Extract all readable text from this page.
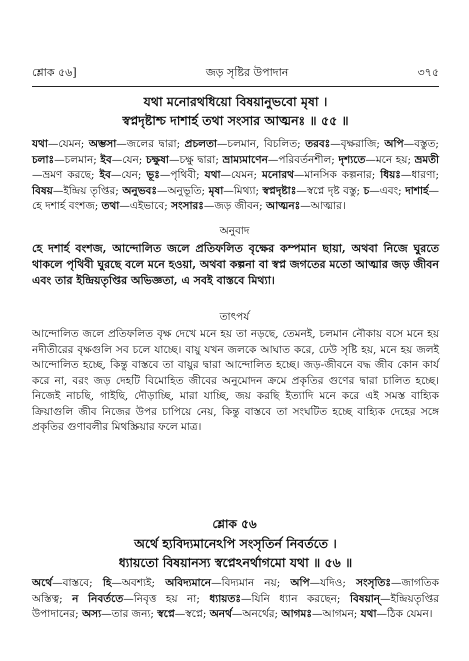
শ্লোক ৫৬]	জড় সৃষ্টির উপাদান	৩৭৫
যথা মনোরথধিয়ো বিষয়ানুভবো মৃষা ।
স্বপ্নদৃষ্টাশ্চ দাশার্হ তথা সংসার আত্মনঃ ॥ ৫৫ ॥
যথা—যেমন; অম্ভসা—জলের দ্বারা; প্রচলতা—চলমান, বিচলিত; তরবঃ—বৃক্ষরাজি; অপি—বস্তুত; চলাঃ—চলমান; ইব—যেন; চক্ষুষা—চক্ষু দ্বারা; ভ্রাম্যমাণেন—পরিবর্তনশীল; দৃশ্যতে—মনে হয়; ভ্রমতী—ভ্রমণ করছে; ইব—যেন; ভূঃ—পৃথিবী; যথা—যেমন; মনোরথ—মানসিক কল্পনার; ধিয়ঃ—ধারণা; বিষয়—ইন্দ্রিয় তৃপ্তির; অনুভবঃ—অনুভূতি; মৃষা—মিথ্যা; স্বপ্নদৃষ্টাঃ—স্বপ্নে দৃষ্ট বস্তু; চ—এবং; দাশার্হ—হে দশার্হ বংশজ; তথা—এইভাবে; সংসারঃ—জড় জীবন; আত্মনঃ—আত্মার।
অনুবাদ
হে দশার্হ বংশজ, আন্দোলিত জলে প্রতিফলিত বৃক্ষের কম্পমান ছায়া, অথবা নিজে ঘুরতে থাকলে পৃথিবী ঘুরছে বলে মনে হওয়া, অথবা কল্পনা বা স্বপ্ন জগতের মতো আত্মার জড় জীবন এবং তার ইন্দ্রিয়তৃপ্তির অভিজ্ঞতা, এ সবই বাস্তবে মিথ্যা।
তাৎপর্য

আন্দোলিত জলে প্রতিফলিত বৃক্ষ দেখে মনে হয় তা নড়ছে, তেমনই, চলমান নৌকায় বসে মনে হয় নদীতীরের বৃক্ষগুলি সব চলে যাচ্ছে। বায়ু যখন জলকে আঘাত করে, ঢেউ সৃষ্টি হয়, মনে হয় জলই আন্দোলিত হচ্ছে, কিন্তু বাস্তবে তা বায়ুর দ্বারা আন্দোলিত হচ্ছে। জড়-জীবনে বদ্ধ জীব কোন কার্য করে না, বরং জড় দেহটি বিমোহিত জীবের অনুমোদন ক্রমে প্রকৃতির গুণের দ্বারা চালিত হচ্ছে। নিজেই নাচছি, গাইছি, দৌড়াচ্ছি, মারা যাচ্ছি, জয় করছি ইত্যাদি মনে করে এই সমস্ত বাহ্যিক ক্রিয়াগুলি জীব নিজের উপর চাপিয়ে নেয়, কিন্তু বাস্তবে তা সংঘটিত হচ্ছে বাহ্যিক দেহের সঙ্গে প্রকৃতির গুণাবলীর মিথস্ক্রিয়ার ফলে মাত্র।

শ্লোক ৫৬
অর্থে হ্যবিদ্যমানেঽপি সংসৃতির্ন নিবর্ততে ।
ধ্যায়তো বিষয়ানস্য স্বপ্নেঽনর্থাগমো যথা ॥ ৫৬ ॥
অর্থে—বাস্তবে; হি—অবশ্যই; অবিদ্যমানে—বিদ্যমান নয়; অপি—যদিও; সংসৃতিঃ—জাগতিক অস্তিত্ব; ন নিবর্ততে—নিবৃত্ত হয় না; ধ্যায়তঃ—যিনি ধ্যান করছেন; বিষয়ান্—ইন্দ্রিয়তৃপ্তির উপাদানের; অস্য—তার জন্য; স্বপ্নে—স্বপ্নে; অনর্থ—অনর্থের; আগমঃ—আগমন; যথা—ঠিক যেমন।
